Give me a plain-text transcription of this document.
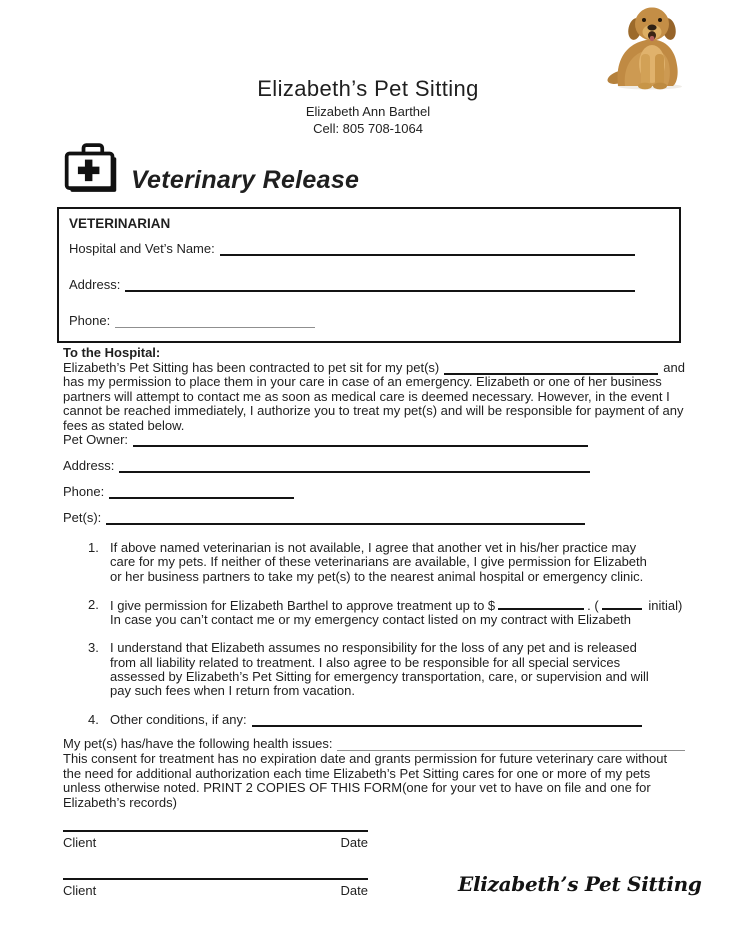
Elizabeth’s Pet Sitting
Elizabeth Ann Barthel
Cell: 805 708-1064
Veterinary Release
VETERINARIAN
Hospital and Vet’s Name:
Address:
Phone:
To the Hospital:
Elizabeth’s Pet Sitting has been contracted to pet sit for my pet(s)	and

has my permission to place them in your care in case of an emergency. Elizabeth or one of her business partners will attempt to contact me as soon as medical care is deemed necessary. However, in the event I cannot be reached immediately, I authorize you to treat my pet(s) and will be responsible for payment of any fees as stated below.

Pet Owner:
Address:
Phone:
Pet(s):
1. If above named veterinarian is not available, I agree that another vet in his/her practice may care for my pets. If neither of these veterinarians are available, I give permission for Elizabeth or her business partners to take my pet(s) to the nearest animal hospital or emergency clinic.
2. I give permission for Elizabeth Barthel to approve treatment up to $	. (	initial)
In case you can’t contact me or my emergency contact listed on my contract with Elizabeth
3. I understand that Elizabeth assumes no responsibility for the loss of any pet and is released from all liability related to treatment. I also agree to be responsible for all special services assessed by Elizabeth’s Pet Sitting for emergency transportation, care, or supervision and will pay such fees when I return from vacation.
4. Other conditions, if any:
My pet(s) has/have the following health issues:

This consent for treatment has no expiration date and grants permission for future veterinary care without the need for additional authorization each time Elizabeth’s Pet Sitting cares for one or more of my pets unless otherwise noted. PRINT 2 COPIES OF THIS FORM(one for your vet to have on file and one for Elizabeth’s records)

Client	Date
Client	Date	Elizabeth’s Pet Sitting
